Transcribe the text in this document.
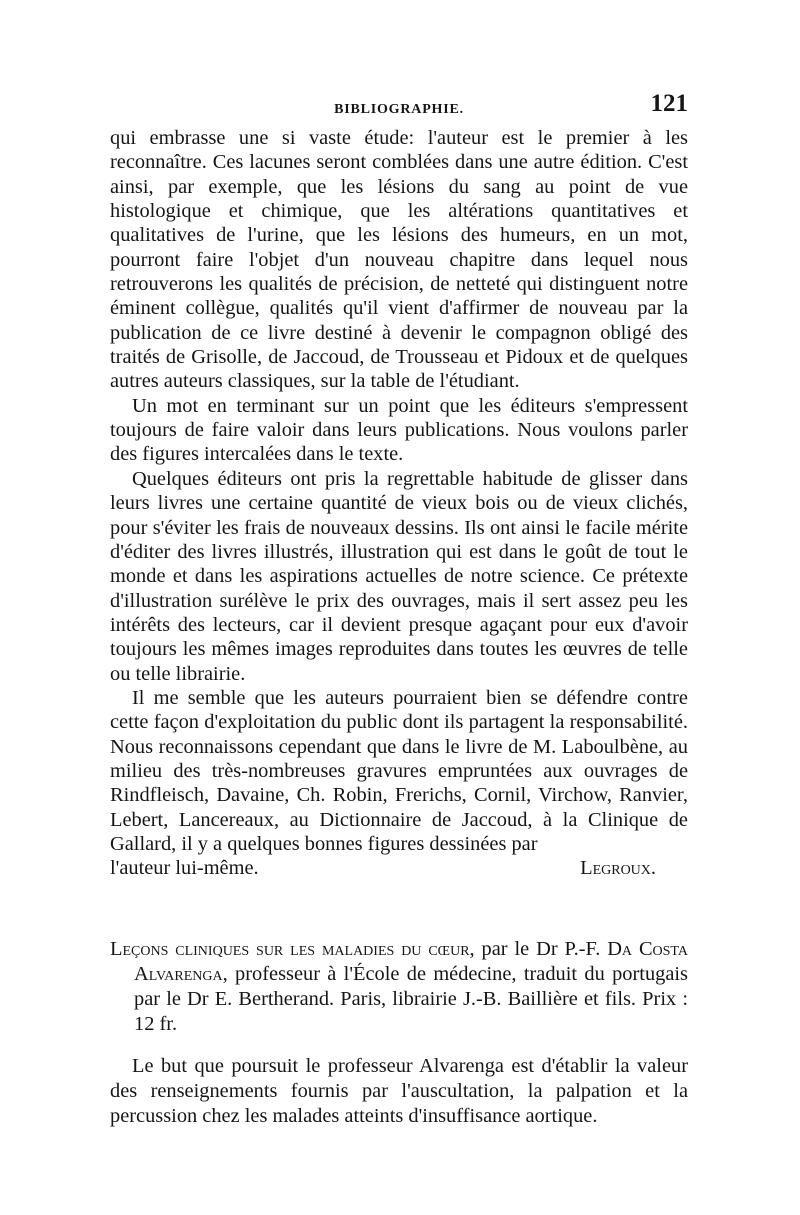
BIBLIOGRAPHIE.	121

qui embrasse une si vaste étude: l'auteur est le premier à les reconnaître. Ces lacunes seront comblées dans une autre édition. C'est ainsi, par exemple, que les lésions du sang au point de vue histologique et chimique, que les altérations quantitatives et qualitatives de l'urine, que les lésions des humeurs, en un mot, pourront faire l'objet d'un nouveau chapitre dans lequel nous retrouverons les qualités de précision, de netteté qui distinguent notre éminent collègue, qualités qu'il vient d'affirmer de nouveau par la publication de ce livre destiné à devenir le compagnon obligé des traités de Grisolle, de Jaccoud, de Trousseau et Pidoux et de quelques autres auteurs classiques, sur la table de l'étudiant.

Un mot en terminant sur un point que les éditeurs s'empressent toujours de faire valoir dans leurs publications. Nous voulons parler des figures intercalées dans le texte.

Quelques éditeurs ont pris la regrettable habitude de glisser dans leurs livres une certaine quantité de vieux bois ou de vieux clichés, pour s'éviter les frais de nouveaux dessins. Ils ont ainsi le facile mérite d'éditer des livres illustrés, illustration qui est dans le goût de tout le monde et dans les aspirations actuelles de notre science. Ce prétexte d'illustration surélève le prix des ouvrages, mais il sert assez peu les intérêts des lecteurs, car il devient presque agaçant pour eux d'avoir toujours les mêmes images reproduites dans toutes les œuvres de telle ou telle librairie.

Il me semble que les auteurs pourraient bien se défendre contre cette façon d'exploitation du public dont ils partagent la responsabilité. Nous reconnaissons cependant que dans le livre de M. Laboulbène, au milieu des très-nombreuses gravures empruntées aux ouvrages de Rindfleisch, Davaine, Ch. Robin, Frerichs, Cornil, Virchow, Ranvier, Lebert, Lancereaux, au Dictionnaire de Jaccoud, à la Clinique de Gallard, il y a quelques bonnes figures dessinées par

l'auteur lui-même.	Legroux.

Leçons cliniques sur les maladies du cœur, par le Dr P.-F. Da Costa Alvarenga, professeur à l'École de médecine, traduit du portugais par le Dr E. Bertherand. Paris, librairie J.-B. Baillière et fils. Prix : 12 fr.

Le but que poursuit le professeur Alvarenga est d'établir la valeur des renseignements fournis par l'auscultation, la palpation et la percussion chez les malades atteints d'insuffisance aortique.
